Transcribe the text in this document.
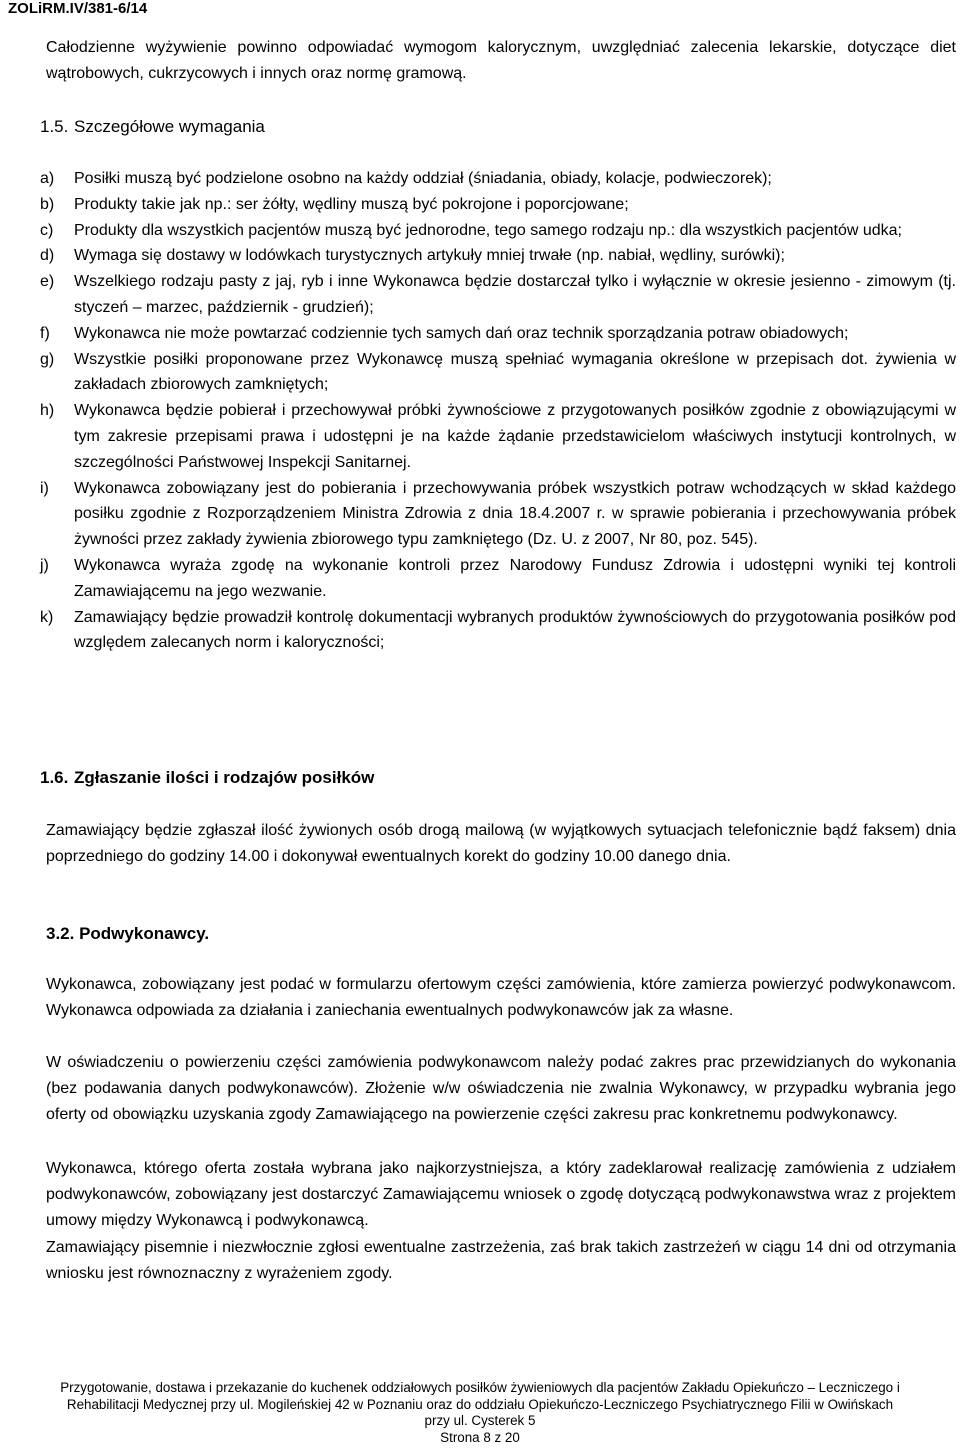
ZOLiRM.IV/381-6/14
Całodzienne wyżywienie powinno odpowiadać wymogom kalorycznym, uwzględniać zalecenia lekarskie, dotyczące diet wątrobowych, cukrzycowych i innych oraz normę gramową.
1.5. Szczegółowe wymagania
a) Posiłki muszą być podzielone osobno na każdy oddział (śniadania, obiady, kolacje, podwieczorek);
b) Produkty takie jak np.: ser żółty, wędliny muszą być pokrojone i poporcjowane;
c) Produkty dla wszystkich pacjentów muszą być jednorodne, tego samego rodzaju np.: dla wszystkich pacjentów udka;
d) Wymaga się dostawy w lodówkach turystycznych artykuły mniej trwałe (np. nabiał, wędliny, surówki);
e) Wszelkiego rodzaju pasty z jaj, ryb i inne Wykonawca będzie dostarczał tylko i wyłącznie w okresie jesienno - zimowym (tj. styczeń – marzec, październik - grudzień);
f) Wykonawca nie może powtarzać codziennie tych samych dań oraz technik sporządzania potraw obiadowych;
g) Wszystkie posiłki proponowane przez Wykonawcę muszą spełniać wymagania określone w przepisach dot. żywienia w zakładach zbiorowych zamkniętych;
h) Wykonawca będzie pobierał i przechowywał próbki żywnościowe z przygotowanych posiłków zgodnie z obowiązującymi w tym zakresie przepisami prawa i udostępni je na każde żądanie przedstawicielom właściwych instytucji kontrolnych, w szczególności Państwowej Inspekcji Sanitarnej.
i) Wykonawca zobowiązany jest do pobierania i przechowywania próbek wszystkich potraw wchodzących w skład każdego posiłku zgodnie z Rozporządzeniem Ministra Zdrowia z dnia 18.4.2007 r. w sprawie pobierania i przechowywania próbek żywności przez zakłady żywienia zbiorowego typu zamkniętego (Dz. U. z 2007, Nr 80, poz. 545).
j) Wykonawca wyraża zgodę na wykonanie kontroli przez Narodowy Fundusz Zdrowia i udostępni wyniki tej kontroli Zamawiającemu na jego wezwanie.
k) Zamawiający będzie prowadził kontrolę dokumentacji wybranych produktów żywnościowych do przygotowania posiłków pod względem zalecanych norm i kaloryczności;
1.6. Zgłaszanie ilości i rodzajów posiłków
Zamawiający będzie zgłaszał ilość żywionych osób drogą mailową (w wyjątkowych sytuacjach telefonicznie bądź faksem) dnia poprzedniego do godziny 14.00 i dokonywał ewentualnych korekt do godziny 10.00 danego dnia.
3.2. Podwykonawcy.
Wykonawca, zobowiązany jest podać w formularzu ofertowym części zamówienia, które zamierza powierzyć podwykonawcom. Wykonawca odpowiada za działania i zaniechania ewentualnych podwykonawców jak za własne.
W oświadczeniu o powierzeniu części zamówienia podwykonawcom należy podać zakres prac przewidzianych do wykonania (bez podawania danych podwykonawców). Złożenie w/w oświadczenia nie zwalnia Wykonawcy, w przypadku wybrania jego oferty od obowiązku uzyskania zgody Zamawiającego na powierzenie części zakresu prac konkretnemu podwykonawcy.
Wykonawca, którego oferta została wybrana jako najkorzystniejsza, a który zadeklarował realizację zamówienia z udziałem podwykonawców, zobowiązany jest dostarczyć Zamawiającemu wniosek o zgodę dotyczącą podwykonawstwa wraz z projektem umowy między Wykonawcą i podwykonawcą.
Zamawiający pisemnie i niezwłocznie zgłosi ewentualne zastrzeżenia, zaś brak takich zastrzeżeń w ciągu 14 dni od otrzymania wniosku jest równoznaczny z wyrażeniem zgody.
Przygotowanie, dostawa i przekazanie do kuchenek oddziałowych posiłków żywieniowych dla pacjentów Zakładu Opiekuńczo – Leczniczego i
Rehabilitacji Medycznej przy ul. Mogileńskiej 42 w Poznaniu oraz do oddziału Opiekuńczo-Leczniczego Psychiatrycznego Filii w Owińskach
przy ul. Cysterek 5
Strona 8 z 20
